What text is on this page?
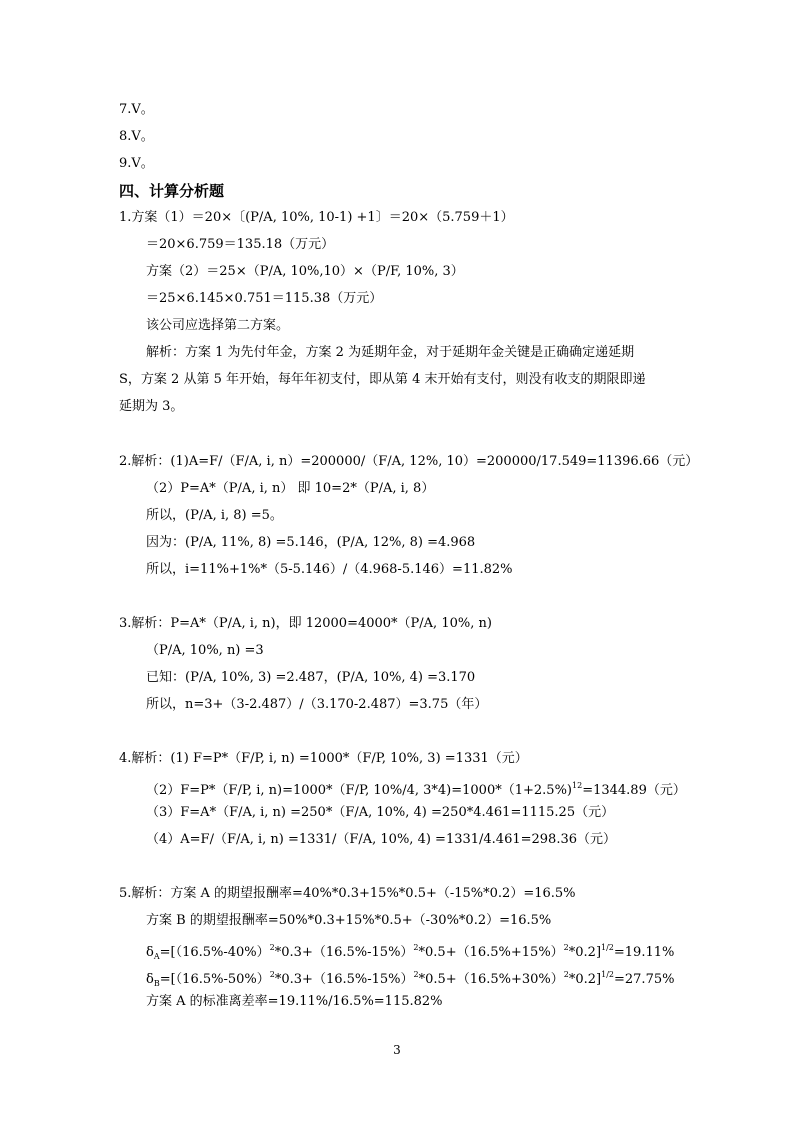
7.V。
8.V。
9.V。
四、计算分析题
1.方案（1）＝20×〔(P/A, 10%, 10-1) +1〕＝20×（5.759＋1）
＝20×6.759＝135.18（万元）
方案（2）＝25×（P/A, 10%,10）×（P/F, 10%, 3）
＝25×6.145×0.751＝115.38（万元）
该公司应选择第二方案。
解析：方案 1 为先付年金，方案 2 为延期年金，对于延期年金关键是正确确定递延期
S，方案 2 从第 5 年开始，每年年初支付，即从第 4 末开始有支付，则没有收支的期限即递
延期为 3。
2.解析：(1)A=F/（F/A, i, n）=200000/（F/A, 12%, 10）=200000/17.549=11396.66（元）
（2）P=A*（P/A, i, n） 即 10=2*（P/A, i, 8）
所以，(P/A, i, 8) =5。
因为：(P/A, 11%, 8) =5.146，(P/A, 12%, 8) =4.968
所以，i=11%+1%*（5-5.146）/（4.968-5.146）=11.82%
3.解析：P=A*（P/A, i, n)，即 12000=4000*（P/A, 10%, n)
（P/A, 10%, n) =3
已知：(P/A, 10%, 3) =2.487，(P/A, 10%, 4) =3.170
所以，n=3+（3-2.487）/（3.170-2.487）=3.75（年）
4.解析：(1) F=P*（F/P, i, n) =1000*（F/P, 10%, 3) =1331（元）
（2）F=P*（F/P, i, n)=1000*（F/P, 10%/4, 3*4)=1000*（1+2.5%)$^{12}$=1344.89（元）
（3）F=A*（F/A, i, n) =250*（F/A, 10%, 4) =250*4.461=1115.25（元）
（4）A=F/（F/A, i, n) =1331/（F/A, 10%, 4) =1331/4.461=298.36（元）
5.解析：方案 A 的期望报酬率=40%*0.3+15%*0.5+（-15%*0.2）=16.5%
方案 B 的期望报酬率=50%*0.3+15%*0.5+（-30%*0.2）=16.5%
$\delta_A=[(16.5\%-40\%)^2*0.3+(16.5\%-15\%)^2*0.5+(16.5\%+15\%)^2*0.2]^{1/2}=19.11\%$
$\delta_B=[(16.5\%-50\%)^2*0.3+(16.5\%-15\%)^2*0.5+(16.5\%+30\%)^2*0.2]^{1/2}=27.75\%$
方案 A 的标准离差率=19.11%/16.5%=115.82%
3
